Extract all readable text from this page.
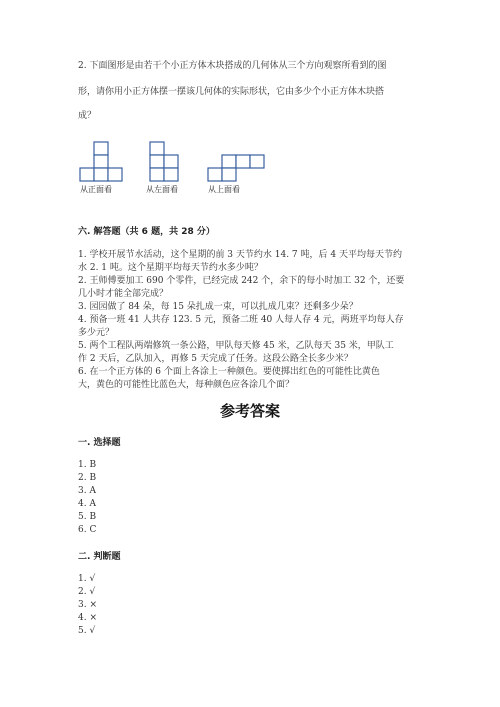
2. 下面图形是由若干个小正方体木块搭成的几何体从三个方向观察所看到的图
形，请你用小正方体摆一摆该几何体的实际形状，它由多少个小正方体木块搭
成？
从正面看	从左面看	从上面看
六. 解答题（共 6 题，共 28 分）
1. 学校开展节水活动，这个星期的前 3 天节约水 14. 7 吨，后 4 天平均每天节约
水 2. 1 吨。这个星期平均每天节约水多少吨？
2. 王师傅要加工 690 个零件，已经完成 242 个，余下的每小时加工 32 个，还要
几小时才能全部完成？
3. 园园做了 84 朵，每 15 朵扎成一束，可以扎成几束？还剩多少朵？
4. 预备一班 41 人共存 123. 5 元，预备二班 40 人每人存 4 元，两班平均每人存
多少元？
5. 两个工程队两端修筑一条公路，甲队每天修 45 米，乙队每天 35 米，甲队工
作 2 天后，乙队加入，再修 5 天完成了任务。这段公路全长多少米？
6. 在一个正方体的 6 个面上各涂上一种颜色。要使掷出红色的可能性比黄色
大，黄色的可能性比蓝色大，每种颜色应各涂几个面？
参考答案
一. 选择题
1. B
2. B
3. A
4. A
5. B
6. C
二. 判断题
1. √
2. √
3. ×
4. ×
5. √
